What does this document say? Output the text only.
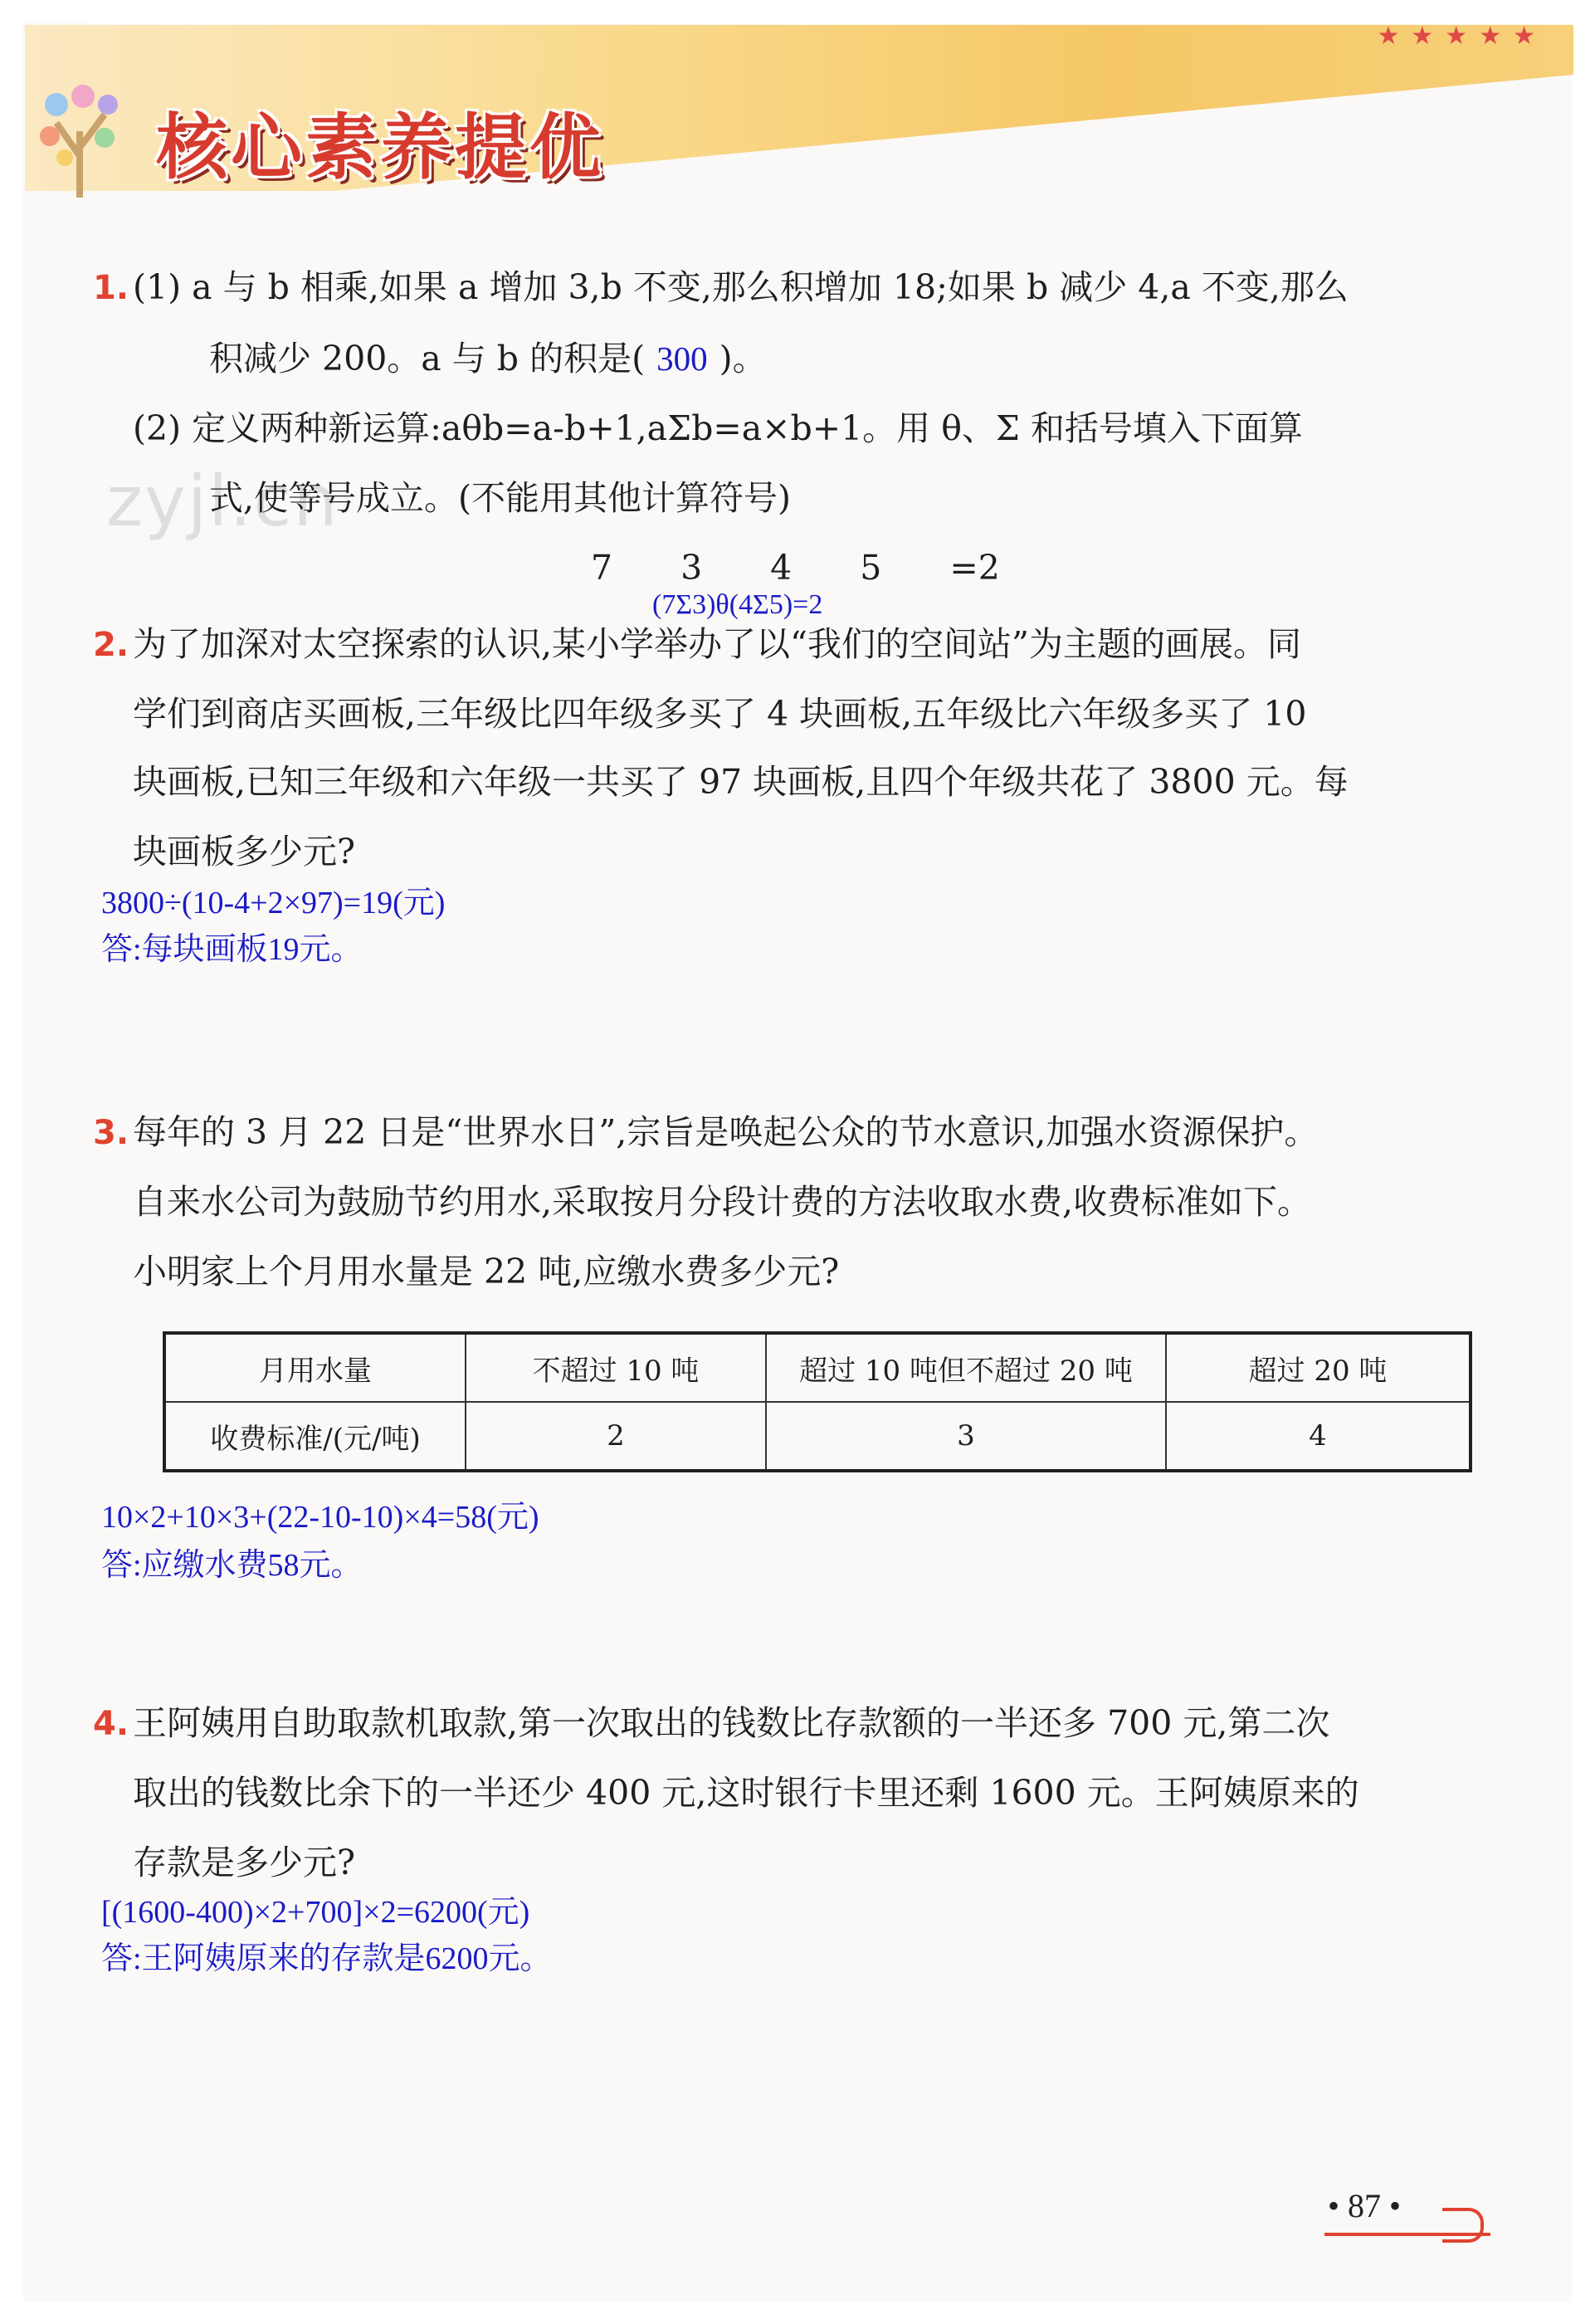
★★★★★
核心素养提优
zyjl.cn
1. (1) a 与 b 相乘,如果 a 增加 3,b 不变,那么积增加 18;如果 b 减少 4,a 不变,那么
积减少 200。a 与 b 的积是( 300 )。
(2) 定义两种新运算:aθb=a-b+1,aΣb=a×b+1。用 θ、Σ 和括号填入下面算
式,使等号成立。(不能用其他计算符号)
7　　3　　4　　5　　=2
(7Σ3)θ(4Σ5)=2
2. 为了加深对太空探索的认识,某小学举办了以“我们的空间站”为主题的画展。同
学们到商店买画板,三年级比四年级多买了 4 块画板,五年级比六年级多买了 10
块画板,已知三年级和六年级一共买了 97 块画板,且四个年级共花了 3800 元。每
块画板多少元?
3800÷(10-4+2×97)=19(元)
答:每块画板19元。
3. 每年的 3 月 22 日是“世界水日”,宗旨是唤起公众的节水意识,加强水资源保护。
自来水公司为鼓励节约用水,采取按月分段计费的方法收取水费,收费标准如下。
小明家上个月用水量是 22 吨,应缴水费多少元?
月用水量	不超过 10 吨	超过 10 吨但不超过 20 吨	超过 20 吨
收费标准/(元/吨)	2	3	4
10×2+10×3+(22-10-10)×4=58(元)
答:应缴水费58元。
4. 王阿姨用自助取款机取款,第一次取出的钱数比存款额的一半还多 700 元,第二次
取出的钱数比余下的一半还少 400 元,这时银行卡里还剩 1600 元。王阿姨原来的
存款是多少元?
[(1600-400)×2+700]×2=6200(元)
答:王阿姨原来的存款是6200元。
• 87 •
